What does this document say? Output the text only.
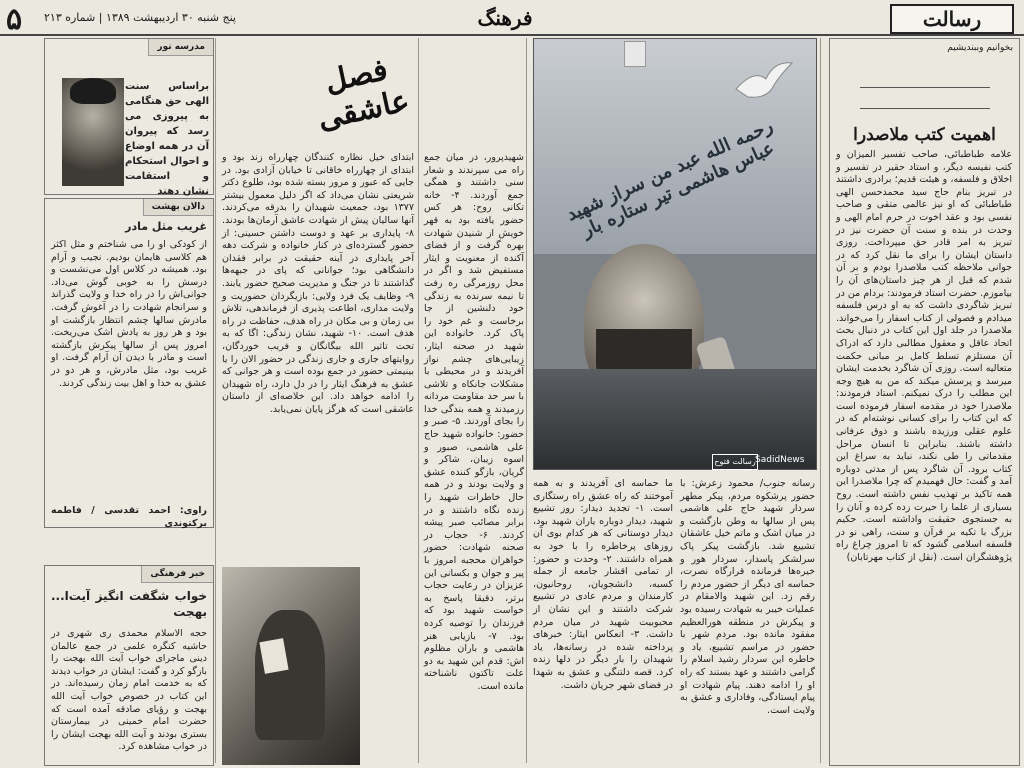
۵ پنج شنبه ۳۰ اردیبهشت ۱۳۸۹ | شماره ۲۱۳	فرهنگ	رسالت
بخوانیم وببندیشیم
اهمیت کتب ملاصدرا

علامه طباطبائی، صاحب تفسیر المیزان و کتب نفیسه دیگر، و استاد حقیر در تفسیر و اخلاق و فلسفه، و هیئت قدیم؛ برادری داشتند در تبریز بنام حاج سید محمدحسن الهی طباطبائی که او نیز عالمی متقی و صاحب نفسی بود و عقد اخوت در حرم امام الهی و وحدت در بنده و سنت آن حضرت نیز در تبریز به امر قادر حق میپرداخت. روزی داستان ایشان را برای ما نقل کرد که در جوانی ملاحظه کتب ملاصدرا بودم و بر آن شدم که قبل از هر چیز داستان‌های آن را بیاموزم. حضرت استاد فرمودند: بردام من در تبریز شاگردی داشت که به او درس فلسفه میدادم و فصولی از کتاب اسفار را می‌خواند. ملاصدرا در جلد اول این کتاب در دنبال بحث اتحاد عاقل و معقول مطالبی دارد که ادراک آن مستلزم تسلط کامل بر مبانی حکمت متعالیه است. روزی آن شاگرد بخدمت ایشان میرسد و پرسش میکند که من به هیچ وجه این مطلب را درک نمیکنم. استاد فرمودند: ملاصدرا خود در مقدمه اسفار فرموده است که این کتاب را برای کسانی نوشته‌ام که در علوم عقلی ورزیده باشند و ذوق عرفانی داشته باشند. بنابراین تا انسان مراحل مقدماتی را طی نکند، نباید به سراغ این کتاب برود. آن شاگرد پس از مدتی دوباره آمد و گفت: حال فهمیدم که چرا ملاصدرا این همه تاکید بر تهذیب نفس داشته است. روح بسیاری از علما را حیرت زده کرده و آنان را به جستجوی حقیقت واداشته است. حکیم بزرگ با تکیه بر قرآن و سنت، راهی نو در فلسفه اسلامی گشود که تا امروز چراغ راه پژوهشگران است. (نقل از کتاب مهرتابان)

رحمه الله عبد من سراز شهید عباس هاشمی تیر ستاره بار
رسالت فتوح SadidNews
فصل عاشقی

شهیدپرور، در میان جمع راه می سپرندند و شعار سنی داشتند و همگی جمع آوردند. ۴- خانه تکانی روح: هر کس حضور یافته بود به قهر خویش از شنیدن شهادت بهره گرفت و از فضای آکنده از معنویت و ایثار مستفیض شد و اگر در محل روزمرگی ره رفت تا نیمه سرنده به زندگی خود دلنشین از جا برخاست و غم خود را پاک کرد. خانواده این شهید در صحنه ایثار، زیبایی‌های چشم نواز آفریدند و در محیطی با مشکلات جانکاه و تلاشی با سر حد مقاومت مردانه رزمیدند و همه بندگی خدا را بجای آوردند. ۵- صبر و حضور: خانواده شهید حاج علی هاشمی، صبور و اسوه زیبان، شاکر و گریان، بازگو کننده عشق و ولایت بودند و در همه حال خاطرات شهید را زنده نگاه داشتند و در برابر مصائب صبر پیشه کردند. ۶- حجاب در صحنه شهادت: حضور خواهران محجبه امروز با پیر و جوان و بکسانی این عزیزان در رعایت حجاب برتر، دقیقا پاسخ به خواست شهید بود که فرزندان را توصیه کرده بود. ۷- بازیابی هنر هاشمی و باران مظلوم اش: قدم این شهید به دو علت تاکتون ناشناخته مانده است.

ابتدای خیل نظاره کنندگان چهارراه زند بود و ابتدای از چهارراه خاقانی تا خیابان آزادی بود. در جایی که عبور و مرور بسته شده بود، طلوع دکتر شریعتی نشان می‌داد که اگر دلیل معمول بیشتر ۱۳۷۷ بود، جمعیت شهیدان را بدرقه می‌کردند. آنها سالیان پیش از شهادت عاشق آرمان‌ها بودند. ۸- پایداری بر عهد و دوست داشتن حسینی: از حضور گسترده‌ای در کنار خانواده و شرکت دهه آخر پایداری در آینه حقیقت در برابر فقدان دانشگاهی بود؛ جوانانی که پای در جبهه‌ها گذاشتند تا در جنگ و مدیریت صحیح حضور یابند. ۹- وظایف یک فرد ولایی: بازیگردان حضوریت و ولایت مداری، اطاعت پذیری از فرماندهی، تلاش بی زمان و بی مکان در راه هدف، حفاظت در راه هدف است. ۱۰- شهید، نشان زندگی: اگا که به تحت تاثیر الله بیگانگان و فریب خوردگان، روایتهای جاری و جاری زندگی در حضور الان را یا بینیمتی حضور در جمع بوده است و هر جوانی که عشق به فرهنگ ایثار را در دل دارد، راه شهیدان را ادامه خواهد داد. این خلاصه‌ای از داستان عاشقی است که هرگز پایان نمی‌یابد.

ما حماسه ای آفریدند و به همه آموختند که راه عشق راه رستگاری است. ۱- تجدید دیدار: روز تشییع شهید، دیدار دوباره یاران شهید بود، دیدار دوستانی که هر کدام بوی آن روزهای پرخاطره را با خود به همراه داشتند. ۲- وحدت و حضور: از تمامی اقشار جامعه از جمله کسبه، دانشجویان، روحانیون، کارمندان و مردم عادی در تشییع شرکت داشتند و این نشان از محبوبیت شهید در میان مردم داشت. ۳- انعکاس ایثار: خبرهای پرداخته شده در رسانه‌ها، یاد شهیدان را بار دیگر در دلها زنده کرد. قصه دلتنگی و عشق به شهدا در فضای شهر جریان داشت.

رسانه جنوب/ محمود زعرش: با حضور پرشکوه مردم، پیکر مطهر سردار شهید حاج علی هاشمی پس از سالها به وطن بازگشت و در میان اشک و ماتم خیل عاشقان تشییع شد. بازگشت پیکر پاک سرلشکر پاسدار، سردار هور و خیره‌ها فرمانده قرارگاه نصرت، حماسه ای دیگر از حضور مردم را رقم زد. این شهید والامقام در عملیات خیبر به شهادت رسیده بود و پیکرش در منطقه هورالعظیم مفقود مانده بود. مردم شهر با حضور در مراسم تشییع، یاد و خاطره این سردار رشید اسلام را گرامی داشتند و عهد بستند که راه او را ادامه دهند. پیام شهادت او پیام ایستادگی، وفاداری و عشق به ولایت است.

مدرسه نور

براساس سنت الهی حق هنگامی به پیروزی می رسد که پیروان آن در همه اوضاع و احوال استحکام و استقامت نشان دهند

دالان بهشت

غریب مثل مادر

از کودکی او را می شناختم و مثل اکثر هم کلاسی هایمان بودیم. نجیب و آرام بود. همیشه در کلاس اول می‌نشست و درسش را به خوبی گوش می‌داد. جوانی‌اش را در راه خدا و ولایت گذراند و سرانجام شهادت را در آغوش گرفت. مادرش سالها چشم انتظار بازگشت او بود و هر روز به یادش اشک می‌ریخت. امروز پس از سالها پیکرش بازگشته است و مادر با دیدن آن آرام گرفت. او غریب بود، مثل مادرش، و هر دو در عشق به خدا و اهل بیت زندگی کردند.

راوی: احمد تقدسی / فاطمه برکتوندی

خبر فرهنگی

خواب شگفت انگیز آیت‌ا... بهجت

حجه الاسلام محمدی ری شهری در حاشیه کنگره علمی در جمع عالمان دینی ماجرای خواب آیت الله بهجت را بازگو کرد و گفت: ایشان در خواب دیدند که به خدمت امام زمان رسیده‌اند. در این کتاب در خصوص خواب آیت الله بهجت و رؤیای صادقه آمده است که حضرت امام خمینی در بیمارستان بستری بودند و آیت الله بهجت ایشان را در خواب مشاهده کرد.
